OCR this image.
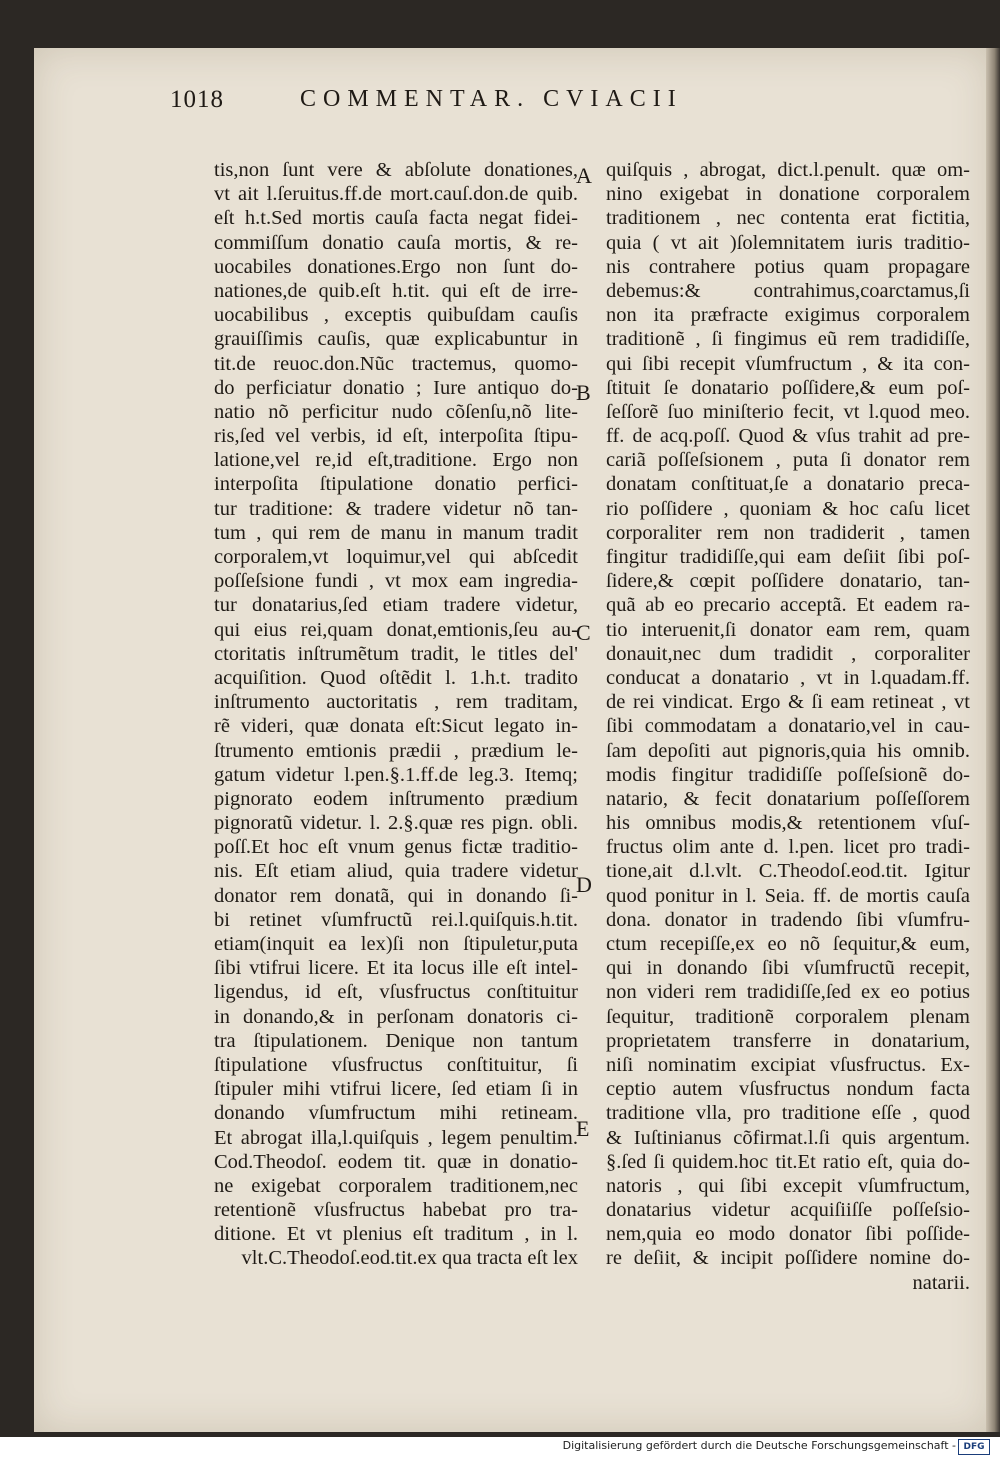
1018	COMMENTAR. CVIACII
tis,non ſunt vere & abſolute donationes,
vt ait l.ſeruitus.ff.de mort.cauſ.don.de quib.
eſt h.t.Sed mortis cauſa facta negat fidei-
commiſſum donatio cauſa mortis, & re-
uocabiles donationes.Ergo non ſunt do-
nationes,de quib.eſt h.tit. qui eſt de irre-
uocabilibus , exceptis quibuſdam cauſis
grauiſſimis cauſis, quæ explicabuntur in
tit.de reuoc.don.Nũc tractemus, quomo-
do perficiatur donatio ; Iure antiquo do-
natio nõ perficitur nudo cõſenſu,nõ lite-
ris,ſed vel verbis, id eſt, interpoſita ſtipu-
latione,vel re,id eſt,traditione. Ergo non
interpoſita ſtipulatione donatio perfici-
tur traditione: & tradere videtur nõ tan-
tum , qui rem de manu in manum tradit
corporalem,vt loquimur,vel qui abſcedit
poſſeſsione fundi , vt mox eam ingredia-
tur donatarius,ſed etiam tradere videtur,
qui eius rei,quam donat,emtionis,ſeu au-
ctoritatis inſtrumẽtum tradit, le titles del'
acquiſition. Quod oſtẽdit l. 1.h.t. tradito
inſtrumento auctoritatis , rem traditam,
rẽ videri, quæ donata eſt:Sicut legato in-
ſtrumento emtionis prædii , prædium le-
gatum videtur l.pen.§.1.ff.de leg.3. Itemq;
pignorato eodem inſtrumento prædium
pignoratũ videtur. l. 2.§.quæ res pign. obli.
poſſ.Et hoc eſt vnum genus fictæ traditio-
nis. Eſt etiam aliud, quia tradere videtur
donator rem donatã, qui in donando ſi-
bi retinet vſumfructũ rei.l.quiſquis.h.tit.
etiam(inquit ea lex)ſi non ſtipuletur,puta
ſibi vtifrui licere. Et ita locus ille eſt intel-
ligendus, id eſt, vſusfructus conſtituitur
in donando,& in perſonam donatoris ci-
tra ſtipulationem. Denique non tantum
ſtipulatione vſusfructus conſtituitur, ſi
ſtipuler mihi vtifrui licere, ſed etiam ſi in
donando vſumfructum mihi retineam.
Et abrogat illa,l.quiſquis , legem penultim.
Cod.Theodoſ. eodem tit. quæ in donatio-
ne exigebat corporalem traditionem,nec
retentionẽ vſusfructus habebat pro tra-
ditione. Et vt plenius eſt traditum , in l.
vlt.C.Theodoſ.eod.tit.ex qua tracta eſt lex
quiſquis , abrogat, dict.l.penult. quæ om-
nino exigebat in donatione corporalem
traditionem , nec contenta erat fictitia,
quia ( vt ait )ſolemnitatem iuris traditio-
nis contrahere potius quam propagare
debemus:& contrahimus,coarctamus,ſi
non ita præfracte exigimus corporalem
traditionẽ , ſi fingimus eũ rem tradidiſſe,
qui ſibi recepit vſumfructum , & ita con-
ſtituit ſe donatario poſſidere,& eum poſ-
ſeſſorẽ ſuo miniſterio fecit, vt l.quod meo.
ff. de acq.poſſ. Quod & vſus trahit ad pre-
cariã poſſeſsionem , puta ſi donator rem
donatam conſtituat,ſe a donatario preca-
rio poſſidere , quoniam & hoc caſu licet
corporaliter rem non tradiderit , tamen
fingitur tradidiſſe,qui eam deſiit ſibi poſ-
ſidere,& cœpit poſſidere donatario, tan-
quã ab eo precario acceptã. Et eadem ra-
tio interuenit,ſi donator eam rem, quam
donauit,nec dum tradidit , corporaliter
conducat a donatario , vt in l.quadam.ff.
de rei vindicat. Ergo & ſi eam retineat , vt
ſibi commodatam a donatario,vel in cau-
ſam depoſiti aut pignoris,quia his omnib.
modis fingitur tradidiſſe poſſeſsionẽ do-
natario, & fecit donatarium poſſeſſorem
his omnibus modis,& retentionem vſuſ-
fructus olim ante d. l.pen. licet pro tradi-
tione,ait d.l.vlt. C.Theodoſ.eod.tit. Igitur
quod ponitur in l. Seia. ff. de mortis cauſa
dona. donator in tradendo ſibi vſumfru-
ctum recepiſſe,ex eo nõ ſequitur,& eum,
qui in donando ſibi vſumfructũ recepit,
non videri rem tradidiſſe,ſed ex eo potius
ſequitur, traditionẽ corporalem plenam
proprietatem transferre in donatarium,
niſi nominatim excipiat vſusfructus. Ex-
ceptio autem vſusfructus nondum facta
traditione vlla, pro traditione eſſe , quod
& Iuſtinianus cõfirmat.l.ſi quis argentum.
§.ſed ſi quidem.hoc tit.Et ratio eſt, quia do-
natoris , qui ſibi excepit vſumfructum,
donatarius videtur acquiſiiſſe poſſeſsio-
nem,quia eo modo donator ſibi poſſide-
re deſiit, & incipit poſſidere nomine do-
natarii.
A
B
C
D
E
Digitalisierung gefördert durch die Deutsche Forschungsgemeinschaft - DFG
